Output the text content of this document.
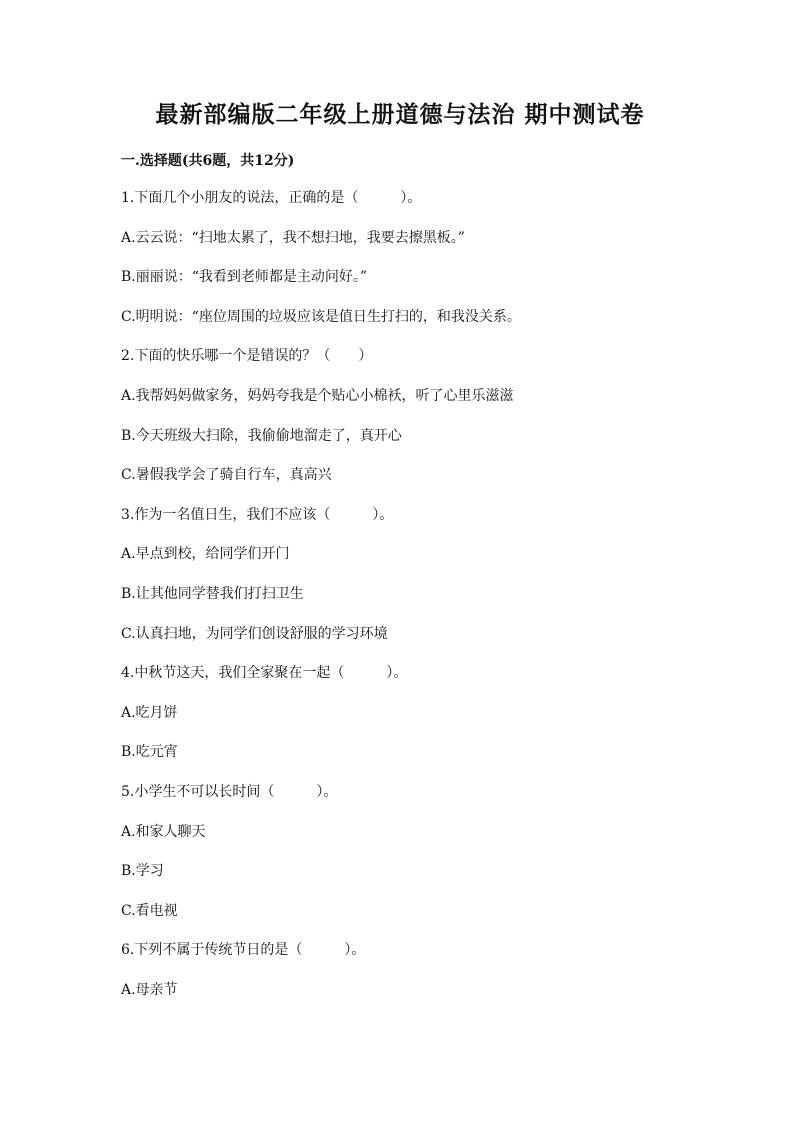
最新部编版二年级上册道德与法治 期中测试卷
一.选择题(共6题，共12分)
1.下面几个小朋友的说法，正确的是（　　　）。
A.云云说：“扫地太累了，我不想扫地，我要去擦黑板。”
B.丽丽说：“我看到老师都是主动问好。”
C.明明说：“座位周围的垃圾应该是值日生打扫的，和我没关系。
2.下面的快乐哪一个是错误的？（　　）
A.我帮妈妈做家务，妈妈夸我是个贴心小棉袄，听了心里乐滋滋
B.今天班级大扫除，我偷偷地溜走了，真开心
C.暑假我学会了骑自行车，真高兴
3.作为一名值日生，我们不应该（　　　）。
A.早点到校，给同学们开门
B.让其他同学替我们打扫卫生
C.认真扫地，为同学们创设舒服的学习环境
4.中秋节这天，我们全家聚在一起（　　　）。
A.吃月饼
B.吃元宵
5.小学生不可以长时间（　　　）。
A.和家人聊天
B.学习
C.看电视
6.下列不属于传统节日的是（　　　）。
A.母亲节
